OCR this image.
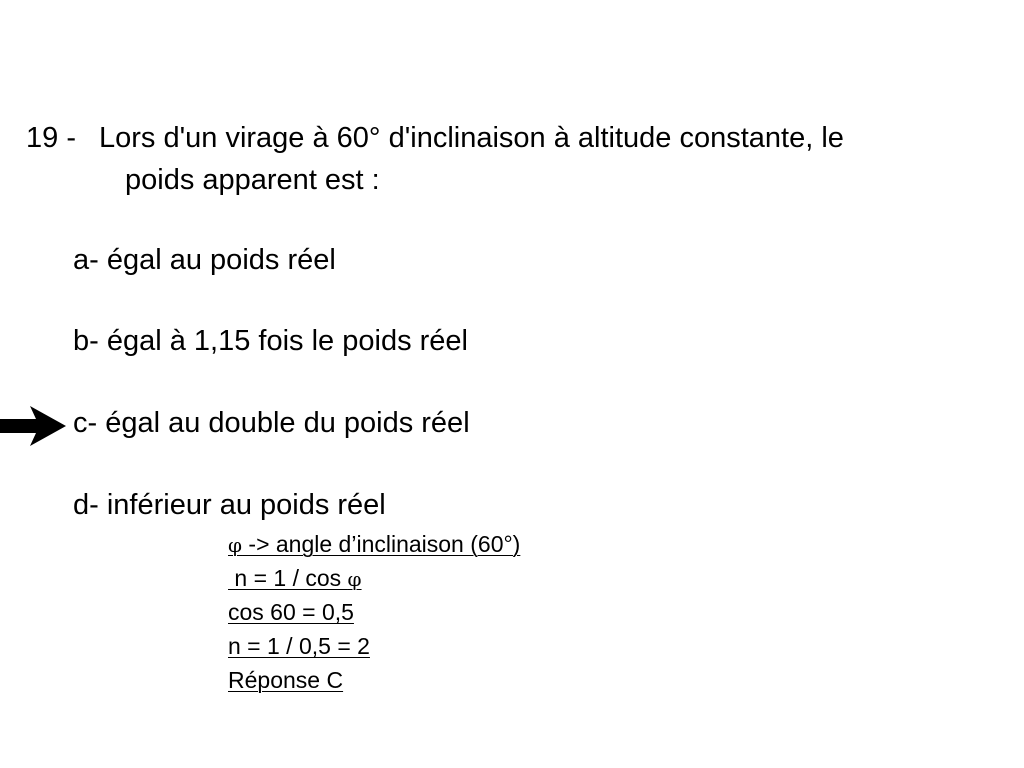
19 - Lors d'un virage à 60° d'inclinaison à altitude constante, le
poids apparent est :
a- égal au poids réel
b- égal à 1,15 fois le poids réel
c- égal au double du poids réel
d- inférieur au poids réel
φ -> angle d’inclinaison (60°)
n = 1 / cos φ
cos 60 = 0,5
n = 1 / 0,5 = 2
Réponse C
